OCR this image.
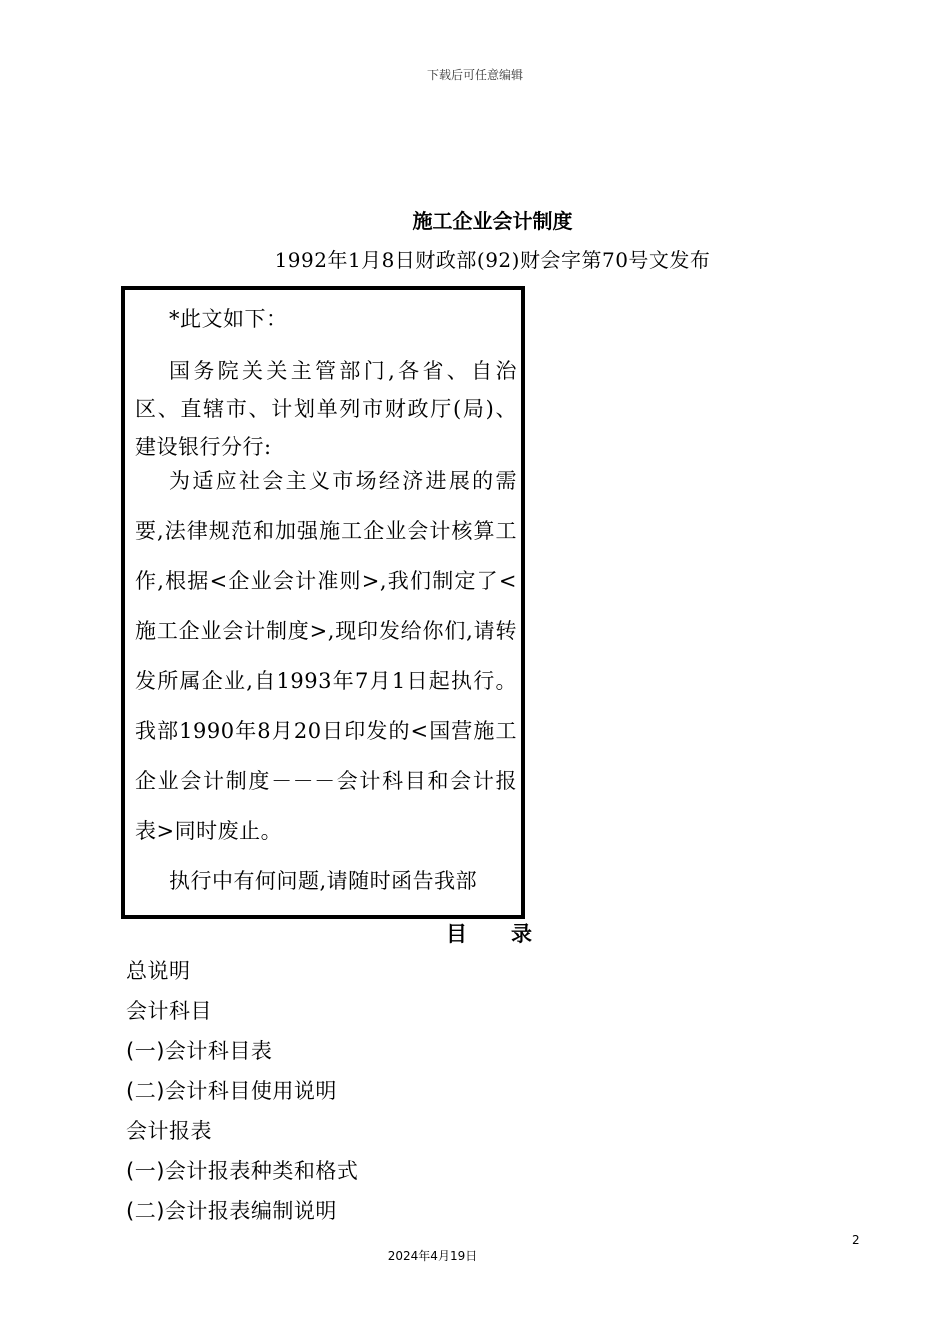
下载后可任意编辑
施工企业会计制度
1992年1月8日财政部(92)财会字第70号文发布

*此文如下：

国务院关关主管部门,各省、自治区、直辖市、计划单列市财政厅(局)、建设银行分行:

为适应社会主义市场经济进展的需要,法律规范和加强施工企业会计核算工作,根据<企业会计准则>,我们制定了<施工企业会计制度>,现印发给你们,请转发所属企业,自1993年7月1日起执行。我部1990年8月20日印发的<国营施工企业会计制度－－－会计科目和会计报表>同时废止。

执行中有何问题,请随时函告我部

目录
总说明
会计科目
(一)会计科目表
(二)会计科目使用说明
会计报表
(一)会计报表种类和格式
(二)会计报表编制说明
2
2024年4月19日
